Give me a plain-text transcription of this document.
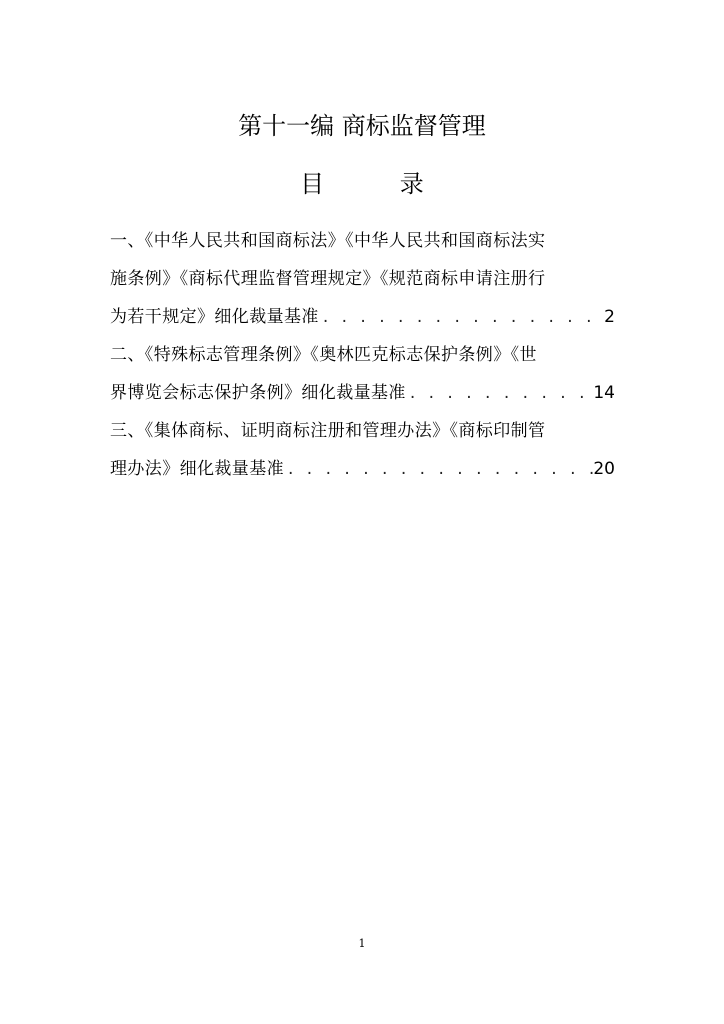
第十一编 商标监督管理
目 录
一、《中华人民共和国商标法》《中华人民共和国商标法实
施条例》《商标代理监督管理规定》《规范商标申请注册行
为若干规定》细化裁量基准 . . .	2
二、《特殊标志管理条例》《奥林匹克标志保护条例》《世
界博览会标志保护条例》细化裁量基准 . . .	14
三、《集体商标、证明商标注册和管理办法》《商标印制管
理办法》细化裁量基准 . . .	20
1
